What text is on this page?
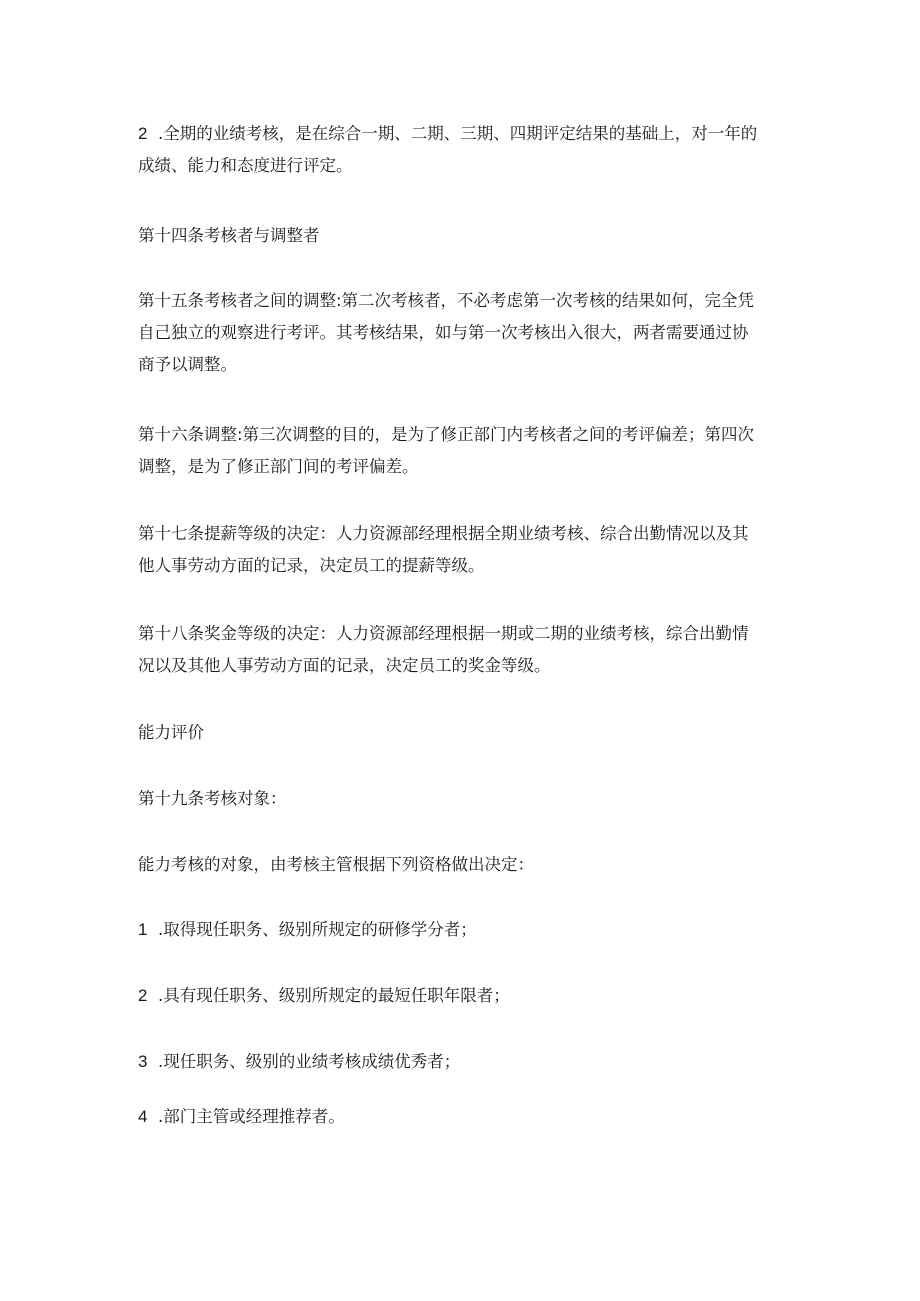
2 .全期的业绩考核，是在综合一期、二期、三期、四期评定结果的基础上，对一年的
成绩、能力和态度进行评定。

第十四条考核者与调整者

第十五条考核者之间的调整:第二次考核者，不必考虑第一次考核的结果如何，完全凭
自己独立的观察进行考评。其考核结果，如与第一次考核出入很大，两者需要通过协
商予以调整。

第十六条调整:第三次调整的目的，是为了修正部门内考核者之间的考评偏差；第四次
调整，是为了修正部门间的考评偏差。

第十七条提薪等级的决定：人力资源部经理根据全期业绩考核、综合出勤情况以及其
他人事劳动方面的记录，决定员工的提薪等级。

第十八条奖金等级的决定：人力资源部经理根据一期或二期的业绩考核，综合出勤情
况以及其他人事劳动方面的记录，决定员工的奖金等级。

能力评价

第十九条考核对象：

能力考核的对象，由考核主管根据下列资格做出决定：

1 .取得现任职务、级别所规定的研修学分者；

2 .具有现任职务、级别所规定的最短任职年限者；

3 .现任职务、级别的业绩考核成绩优秀者；

4 .部门主管或经理推荐者。
